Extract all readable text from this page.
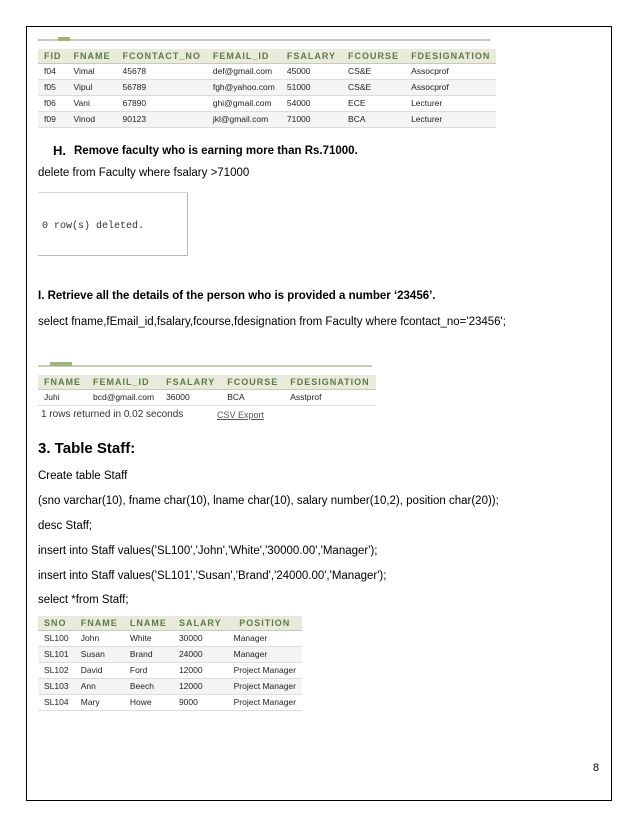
FID	FNAME	FCONTACT_NO	FEMAIL_ID	FSALARY	FCOURSE	FDESIGNATION
f04	Vimal	45678	def@gmail.com	45000	CS&E	Assocprof
f05	Vipul	56789	fgh@yahoo.com	51000	CS&E	Assocprof
f06	Vani	67890	ghi@gmail.com	54000	ECE	Lecturer
f09	Vinod	90123	jkl@gmail.com	71000	BCA	Lecturer
H. Remove faculty who is earning more than Rs.71000.
delete from Faculty where fsalary >71000
0 row(s) deleted.
I. Retrieve all the details of the person who is provided a number ‘23456’.
select fname,fEmail_id,fsalary,fcourse,fdesignation from Faculty where fcontact_no='23456';
FNAME	FEMAIL_ID	FSALARY	FCOURSE	FDESIGNATION
Juhi	bcd@gmail.com	36000	BCA	Asstprof
1 rows returned in 0.02 seconds	CSV Export
3. Table Staff:
Create table Staff
(sno varchar(10), fname char(10), lname char(10), salary number(10,2), position char(20));
desc Staff;
insert into Staff values('SL100','John','White','30000.00','Manager');
insert into Staff values('SL101','Susan','Brand','24000.00','Manager');
select *from Staff;
SNO	FNAME	LNAME	SALARY	POSITION
SL100	John	White	30000	Manager
SL101	Susan	Brand	24000	Manager
SL102	David	Ford	12000	Project Manager
SL103	Ann	Beech	12000	Project Manager
SL104	Mary	Howe	9000	Project Manager
8
